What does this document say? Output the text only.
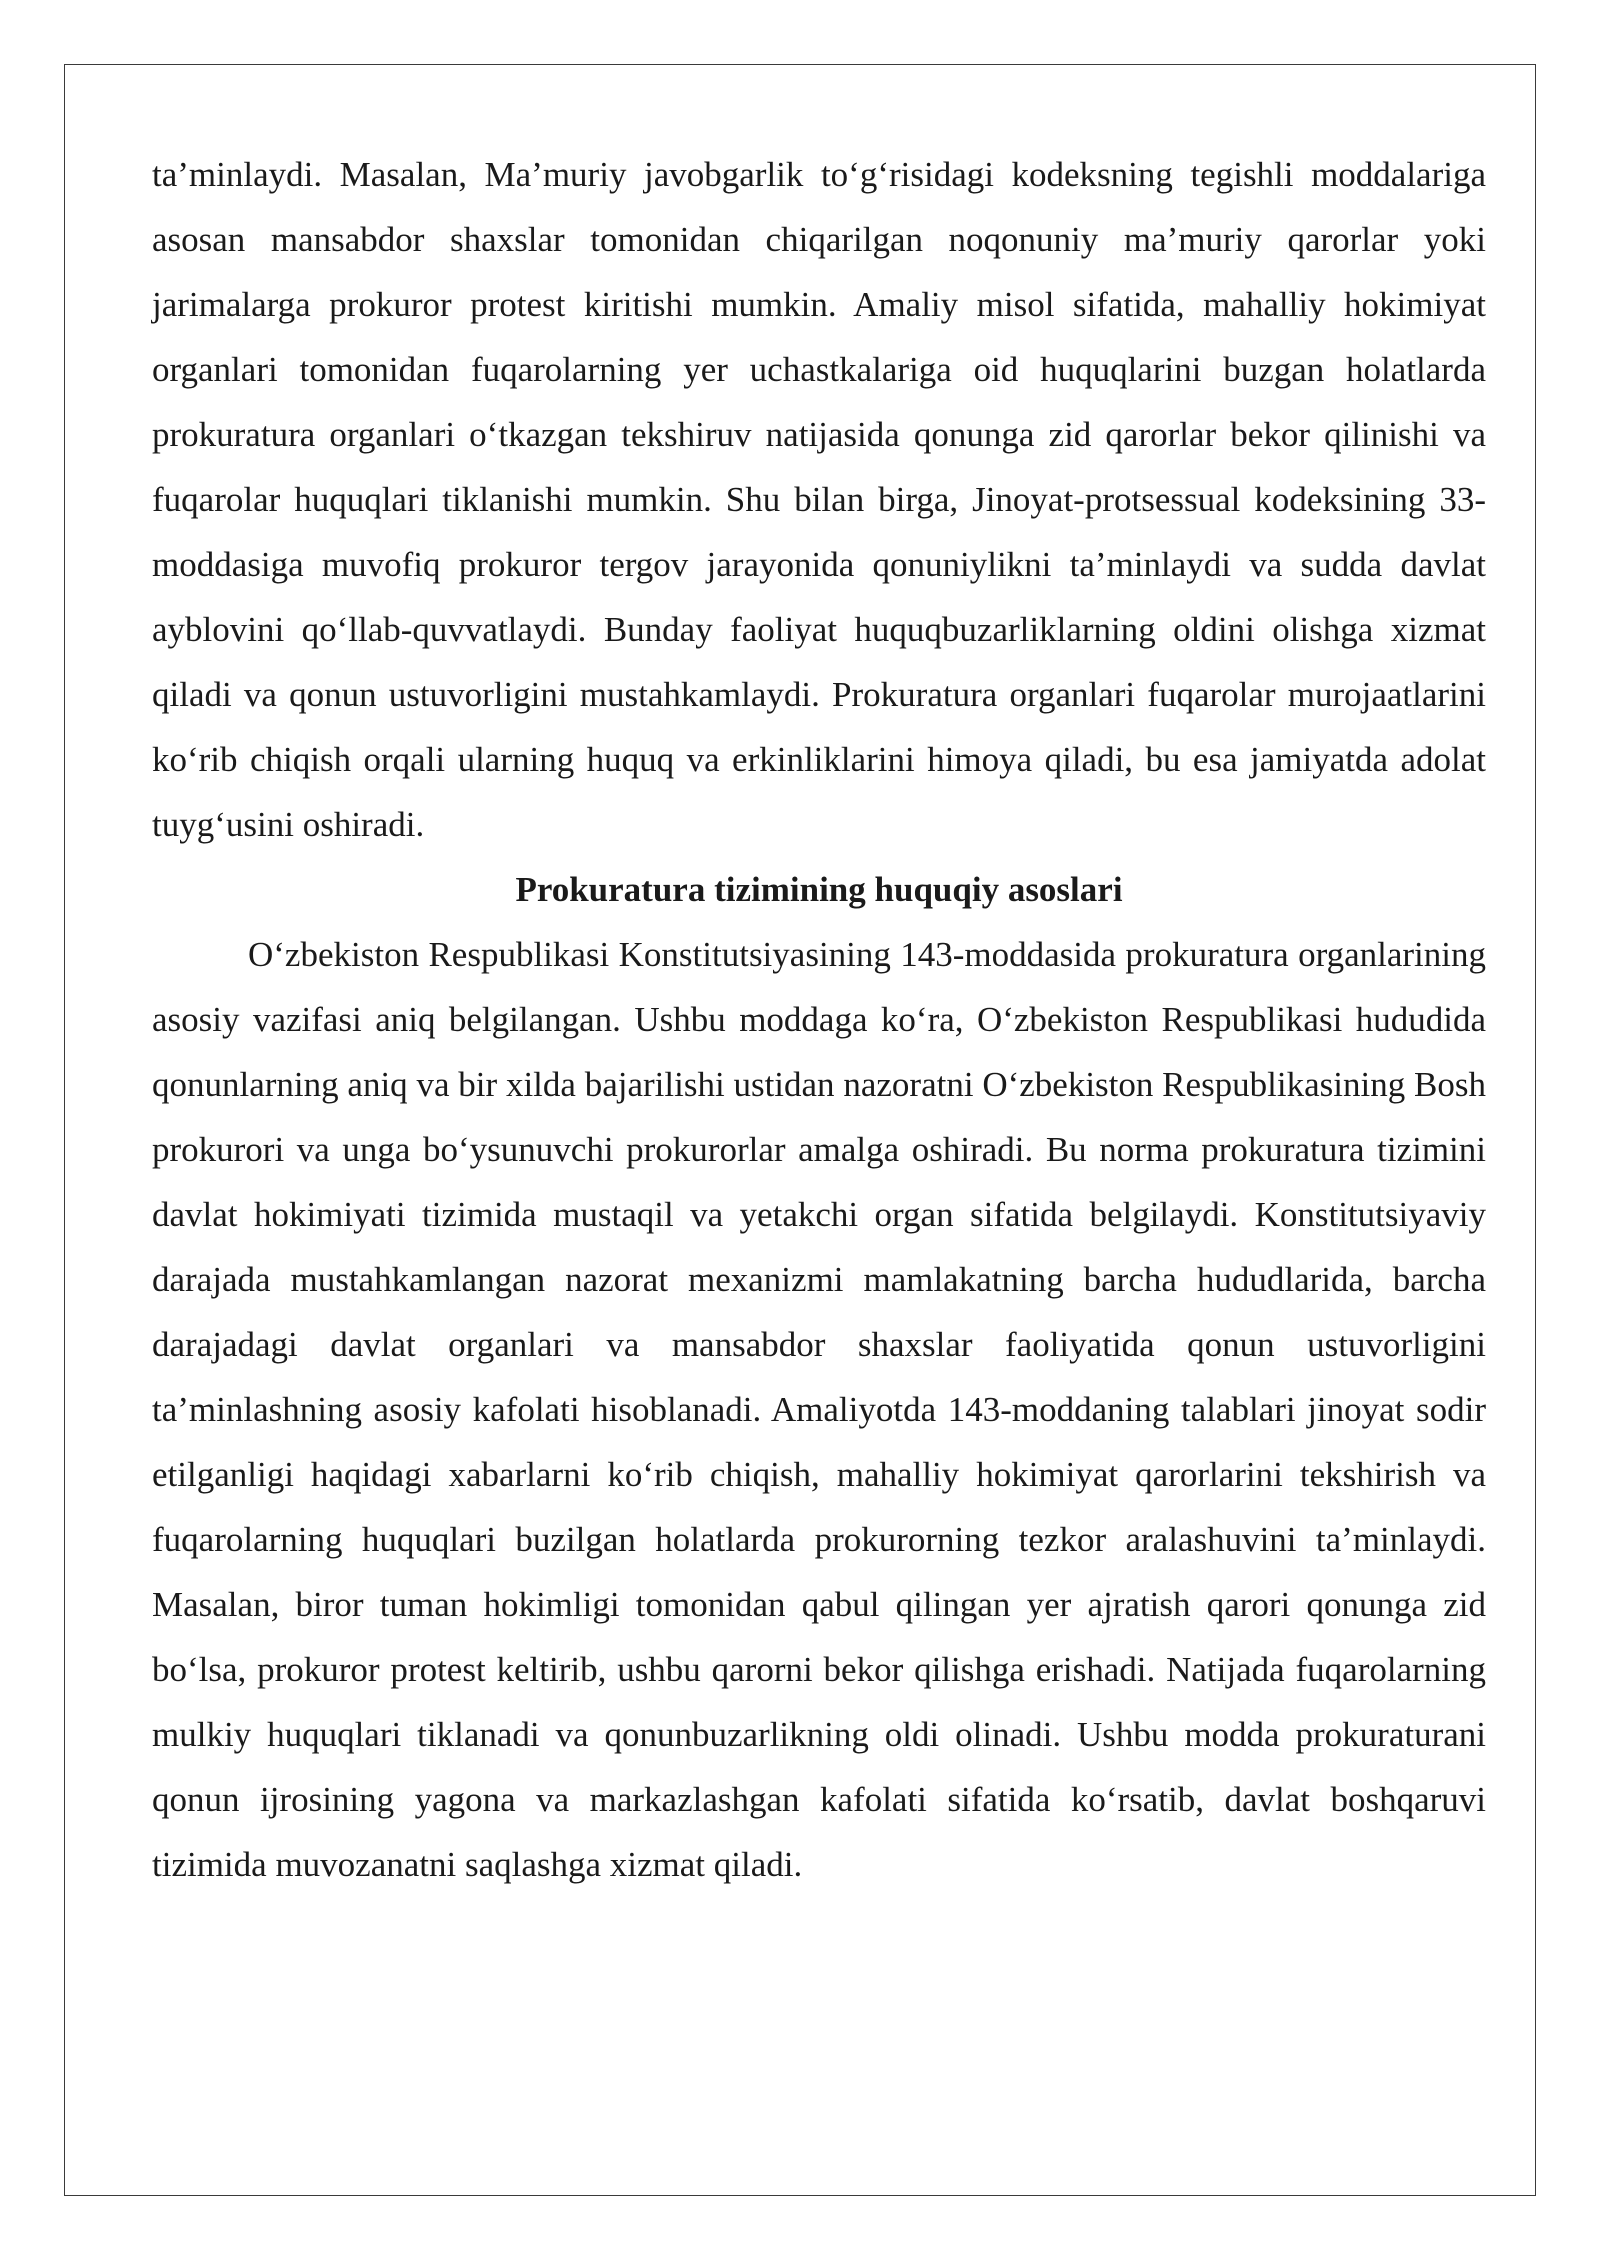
ta’minlaydi. Masalan, Ma’muriy javobgarlik to‘g‘risidagi kodeksning tegishli moddalariga asosan mansabdor shaxslar tomonidan chiqarilgan noqonuniy ma’muriy qarorlar yoki jarimalarga prokuror protest kiritishi mumkin. Amaliy misol sifatida, mahalliy hokimiyat organlari tomonidan fuqarolarning yer uchastkalariga oid huquqlarini buzgan holatlarda prokuratura organlari o‘tkazgan tekshiruv natijasida qonunga zid qarorlar bekor qilinishi va fuqarolar huquqlari tiklanishi mumkin. Shu bilan birga, Jinoyat-protsessual kodeksining 33-moddasiga muvofiq prokuror tergov jarayonida qonuniylikni ta’minlaydi va sudda davlat ayblovini qo‘llab-quvvatlaydi. Bunday faoliyat huquqbuzarliklarning oldini olishga xizmat qiladi va qonun ustuvorligini mustahkamlaydi. Prokuratura organlari fuqarolar murojaatlarini ko‘rib chiqish orqali ularning huquq va erkinliklarini himoya qiladi, bu esa jamiyatda adolat tuyg‘usini oshiradi.

Prokuratura tizimining huquqiy asoslari

O‘zbekiston Respublikasi Konstitutsiyasining 143-moddasida prokuratura organlarining asosiy vazifasi aniq belgilangan. Ushbu moddaga ko‘ra, O‘zbekiston Respublikasi hududida qonunlarning aniq va bir xilda bajarilishi ustidan nazoratni O‘zbekiston Respublikasining Bosh prokurori va unga bo‘ysunuvchi prokurorlar amalga oshiradi. Bu norma prokuratura tizimini davlat hokimiyati tizimida mustaqil va yetakchi organ sifatida belgilaydi. Konstitutsiyaviy darajada mustahkamlangan nazorat mexanizmi mamlakatning barcha hududlarida, barcha darajadagi davlat organlari va mansabdor shaxslar faoliyatida qonun ustuvorligini ta’minlashning asosiy kafolati hisoblanadi. Amaliyotda 143-moddaning talablari jinoyat sodir etilganligi haqidagi xabarlarni ko‘rib chiqish, mahalliy hokimiyat qarorlarini tekshirish va fuqarolarning huquqlari buzilgan holatlarda prokurorning tezkor aralashuvini ta’minlaydi. Masalan, biror tuman hokimligi tomonidan qabul qilingan yer ajratish qarori qonunga zid bo‘lsa, prokuror protest keltirib, ushbu qarorni bekor qilishga erishadi. Natijada fuqarolarning mulkiy huquqlari tiklanadi va qonunbuzarlikning oldi olinadi. Ushbu modda prokuraturani qonun ijrosining yagona va markazlashgan kafolati sifatida ko‘rsatib, davlat boshqaruvi tizimida muvozanatni saqlashga xizmat qiladi.
